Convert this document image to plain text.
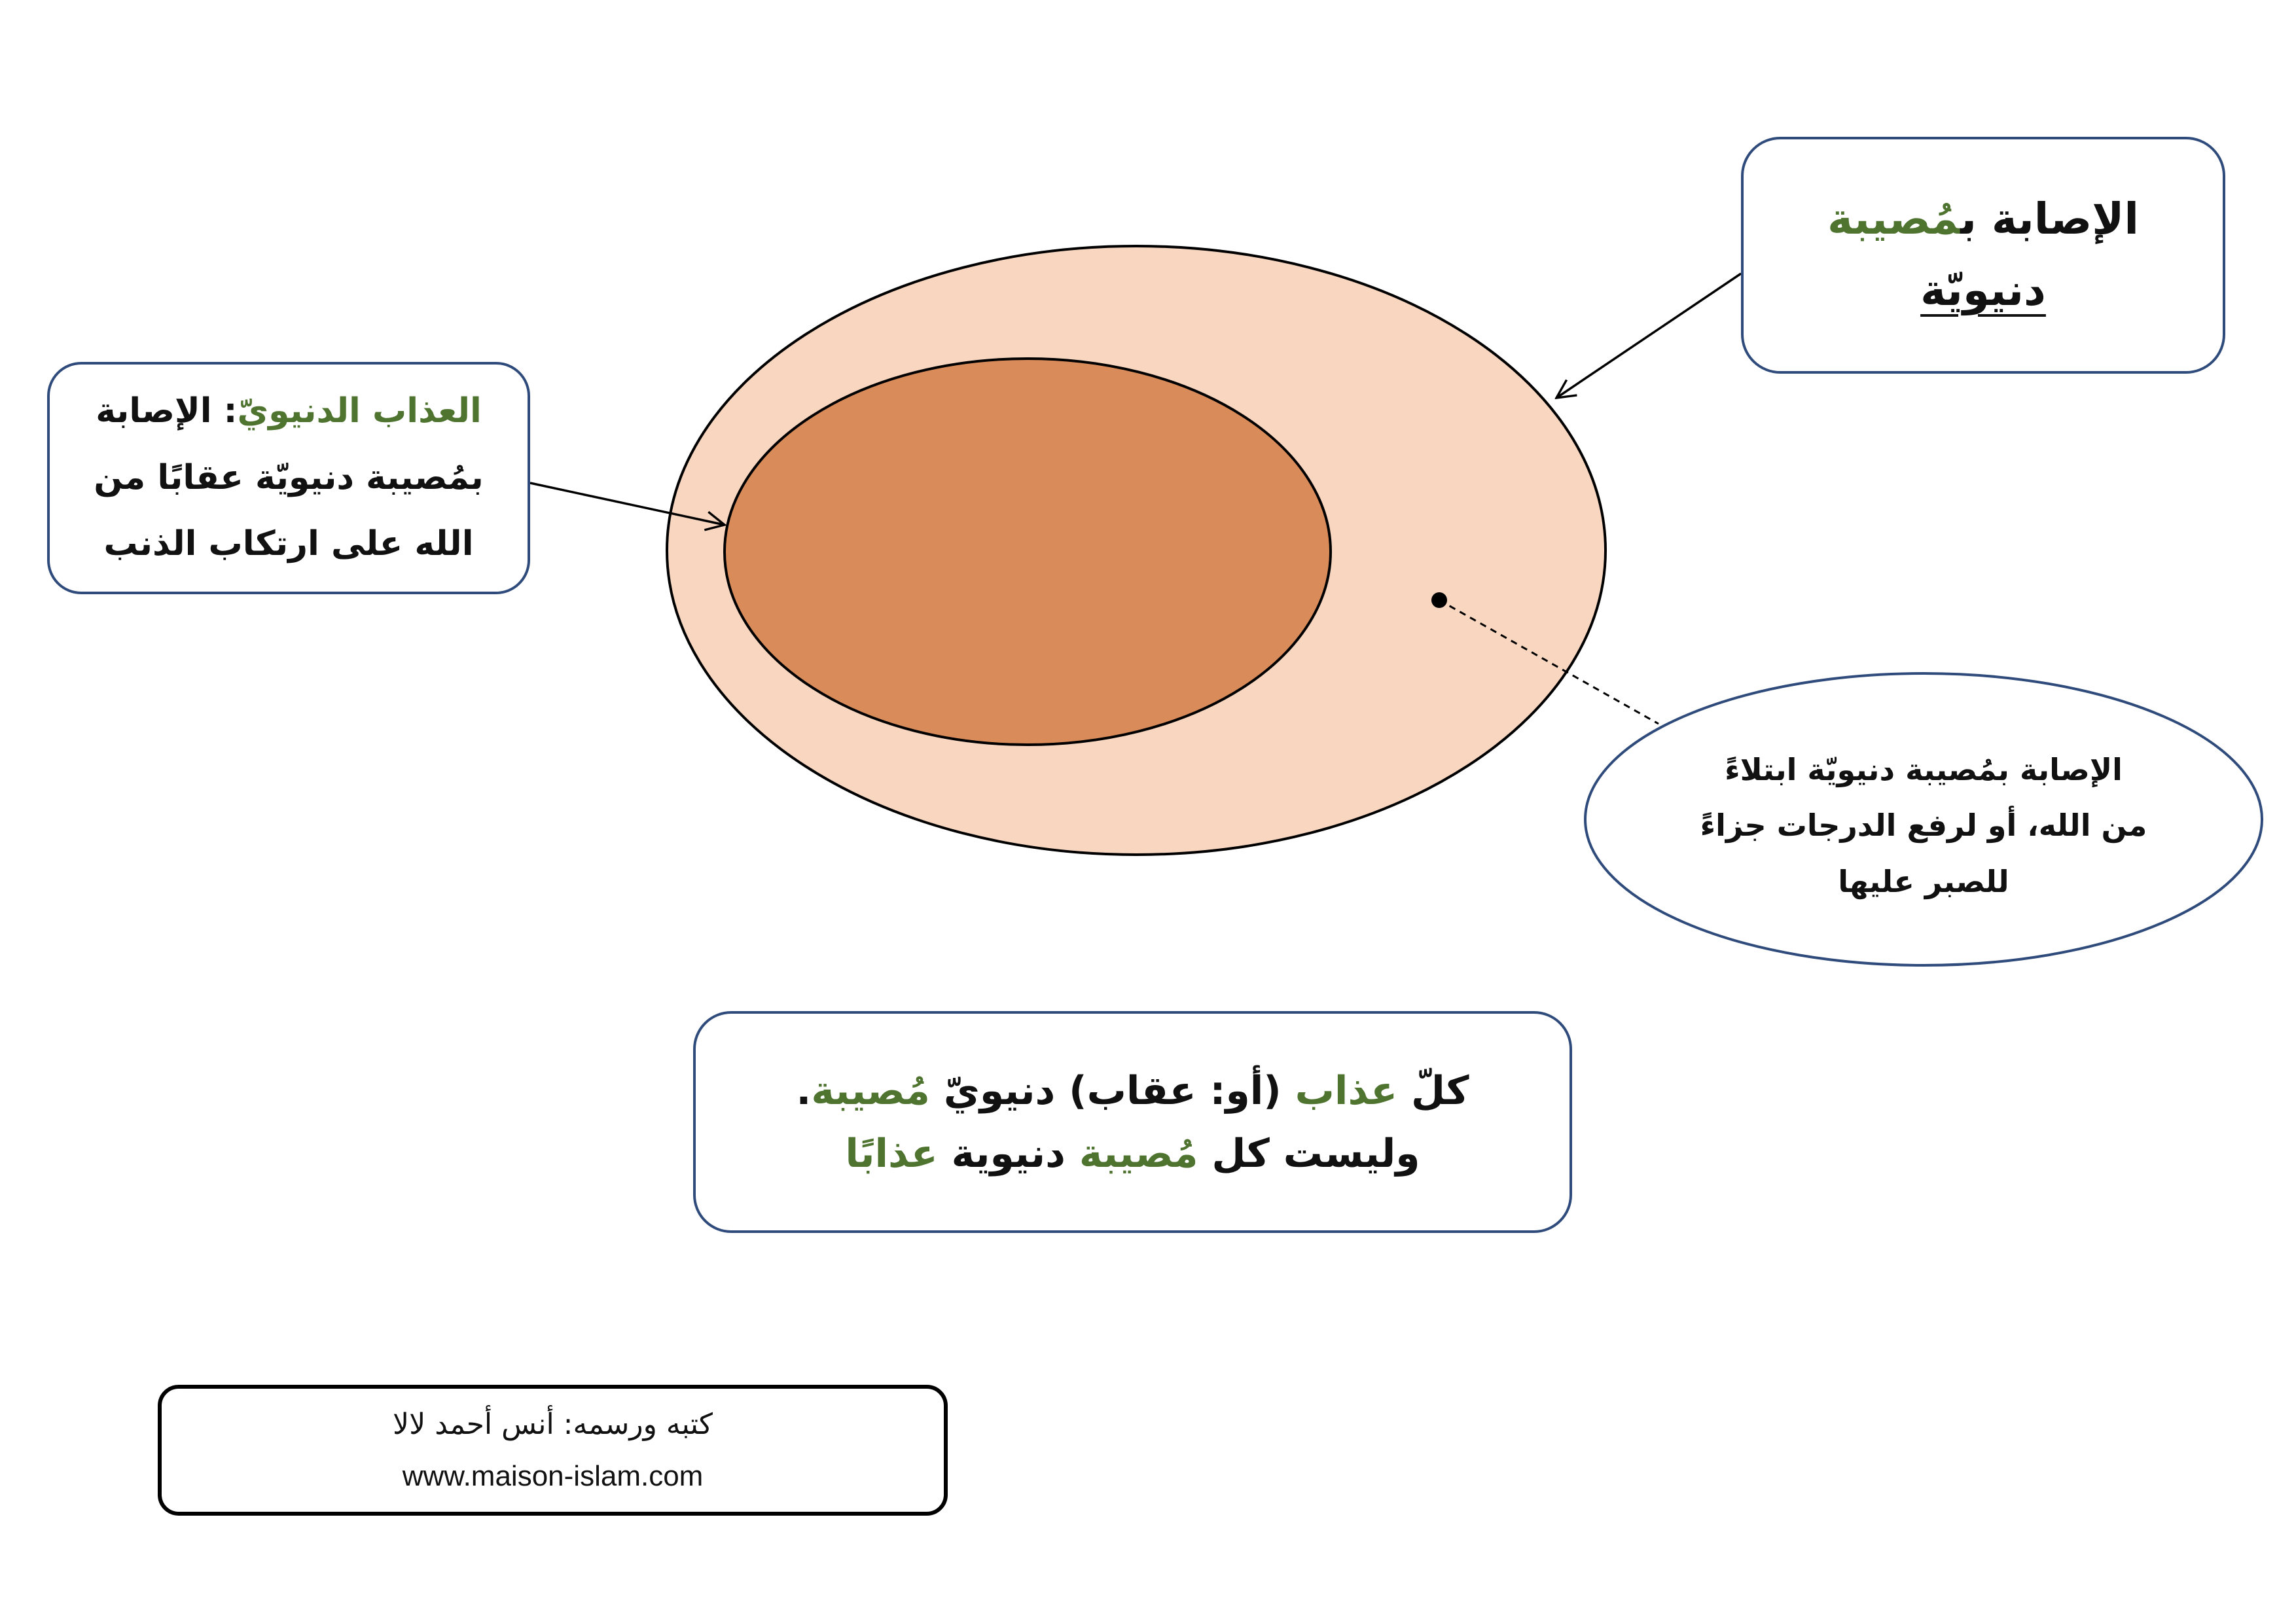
الإصابة بمُصيبة
دنيويّة
العذاب الدنيويّ: الإصابة
بمُصيبة دنيويّة عقابًا من
الله على ارتكاب الذنب
الإصابة بمُصيبة دنيويّة ابتلاءً
من الله، أو لرفع الدرجات جزاءً
للصبر عليها
كلّ عذاب (أو: عقاب) دنيويّ مُصيبة.
وليست كل مُصيبة دنيوية عذابًا
كتبه ورسمه: أنس أحمد لالا
www.maison-islam.com
